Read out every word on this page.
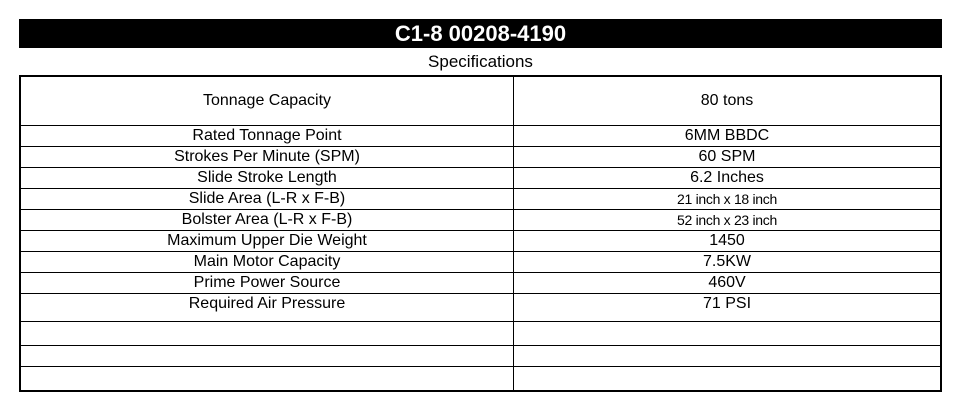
C1-8 00208-4190
Specifications
Tonnage Capacity	80 tons
Rated Tonnage Point	6MM BBDC
Strokes Per Minute (SPM)	60 SPM
Slide Stroke Length	6.2 Inches
Slide Area (L-R x F-B)	21 inch x 18 inch
Bolster Area (L-R x F-B)	52 inch x 23 inch
Maximum Upper Die Weight	1450
Main Motor Capacity	7.5KW
Prime Power Source	460V
Required Air Pressure	71 PSI
